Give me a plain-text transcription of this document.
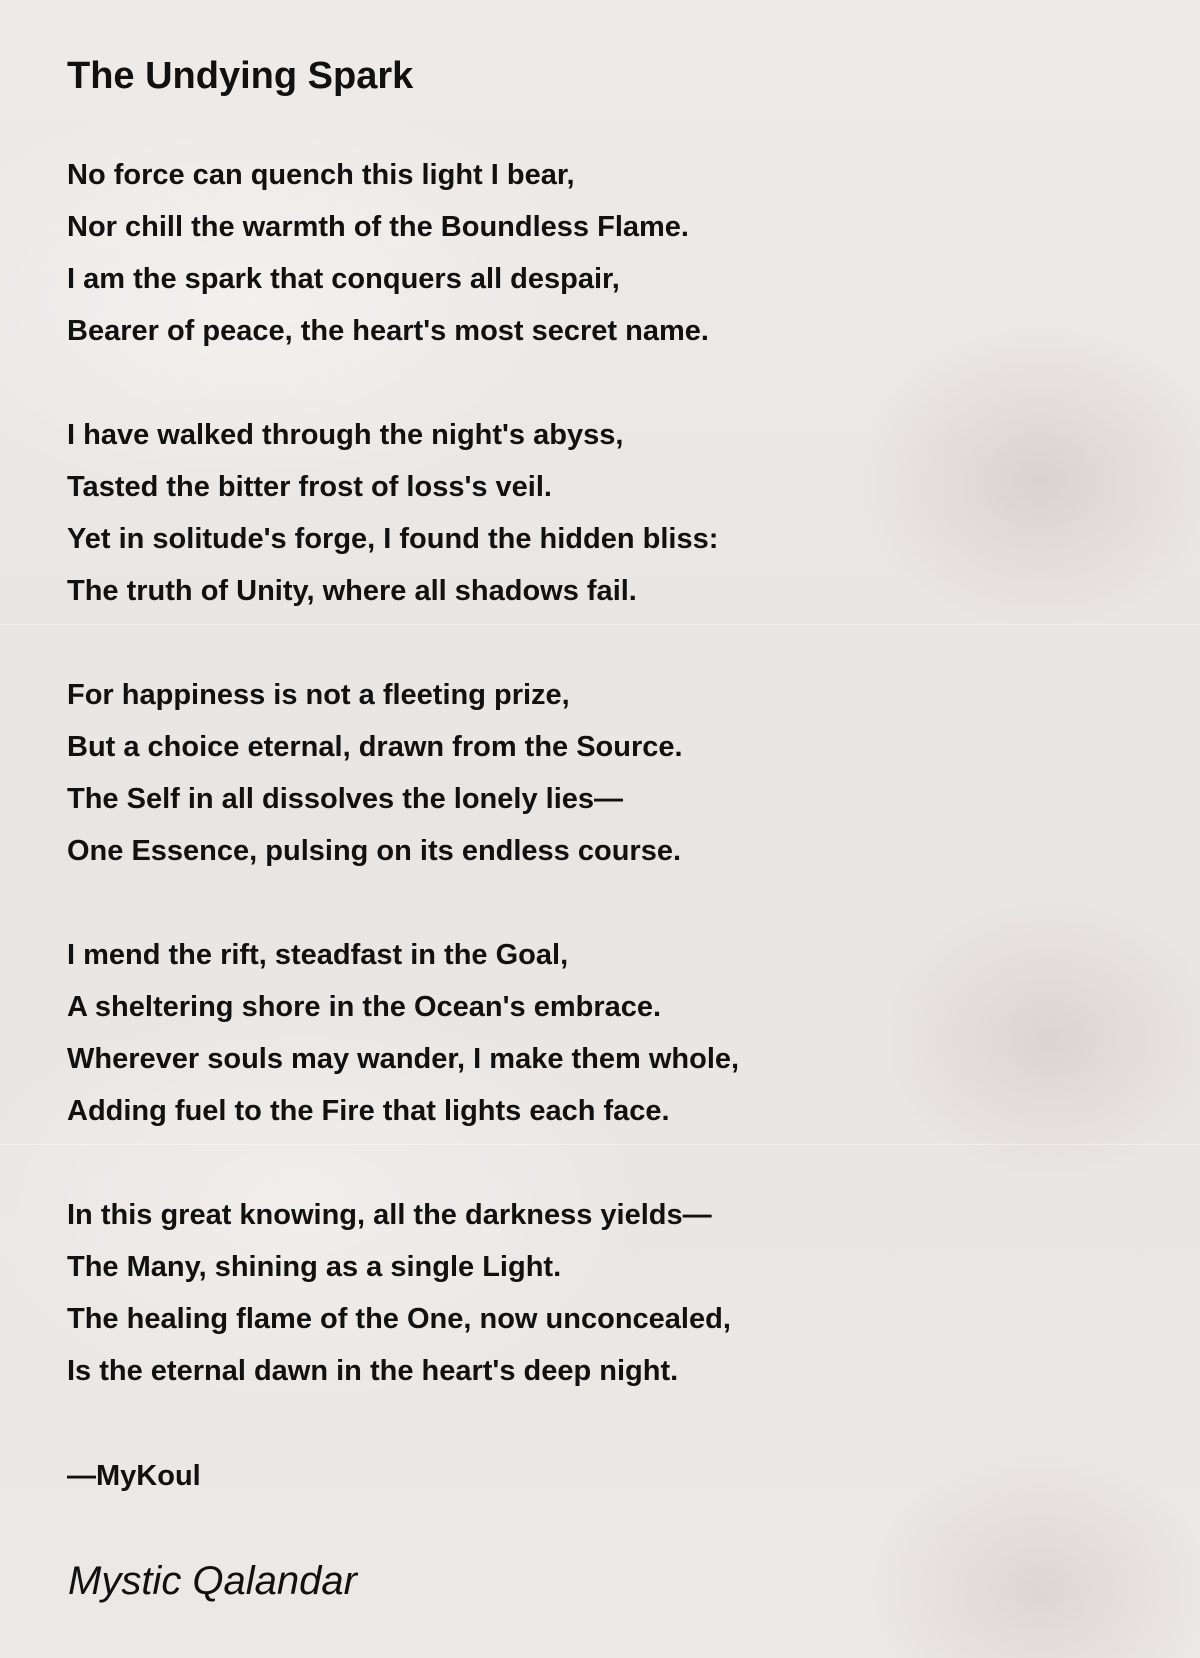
The Undying Spark
No force can quench this light I bear,
Nor chill the warmth of the Boundless Flame.
I am the spark that conquers all despair,
Bearer of peace, the heart's most secret name.
I have walked through the night's abyss,
Tasted the bitter frost of loss's veil.
Yet in solitude's forge, I found the hidden bliss:
The truth of Unity, where all shadows fail.
For happiness is not a fleeting prize,
But a choice eternal, drawn from the Source.
The Self in all dissolves the lonely lies—
One Essence, pulsing on its endless course.
I mend the rift, steadfast in the Goal,
A sheltering shore in the Ocean's embrace.
Wherever souls may wander, I make them whole,
Adding fuel to the Fire that lights each face.
In this great knowing, all the darkness yields—
The Many, shining as a single Light.
The healing flame of the One, now unconcealed,
Is the eternal dawn in the heart's deep night.
—MyKoul
Mystic Qalandar
